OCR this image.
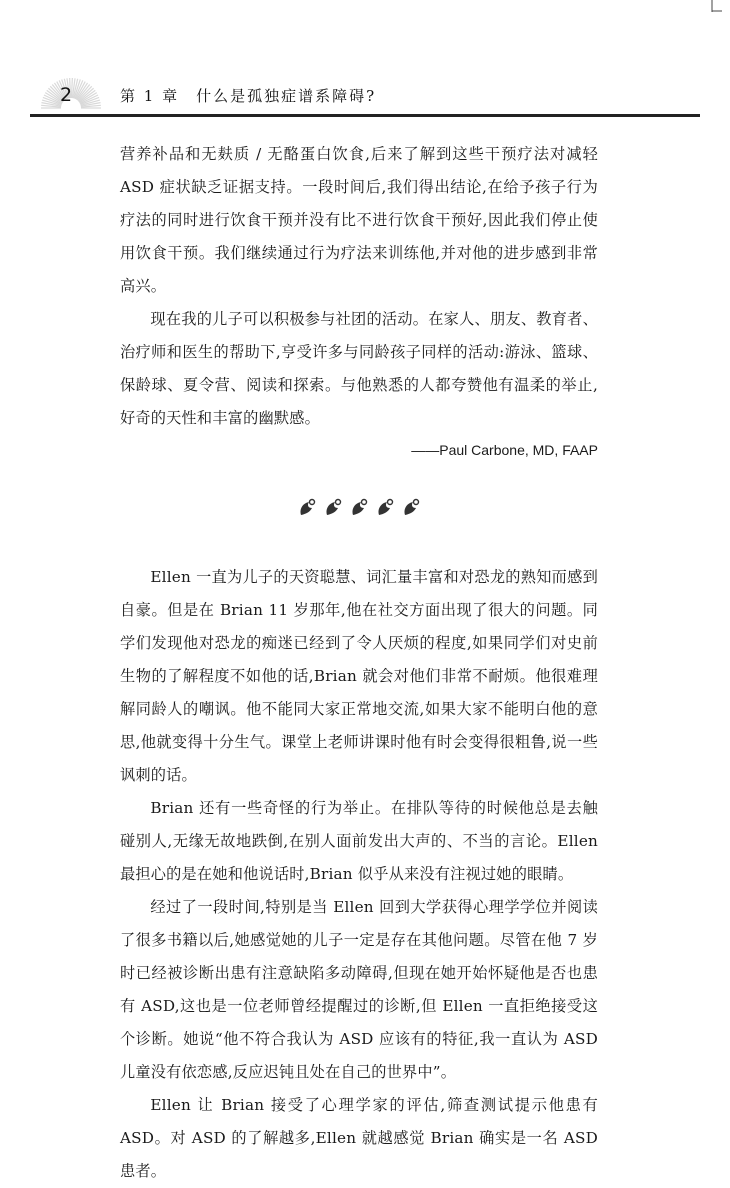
2	第 1 章　什么是孤独症谱系障碍?

营养补品和无麸质 / 无酪蛋白饮食,后来了解到这些干预疗法对减轻 ASD 症状缺乏证据支持。一段时间后,我们得出结论,在给予孩子行为疗法的同时进行饮食干预并没有比不进行饮食干预好,因此我们停止使用饮食干预。我们继续通过行为疗法来训练他,并对他的进步感到非常高兴。

现在我的儿子可以积极参与社团的活动。在家人、朋友、教育者、治疗师和医生的帮助下,亨受许多与同龄孩子同样的活动:游泳、篮球、保龄球、夏令营、阅读和探索。与他熟悉的人都夸赞他有温柔的举止,好奇的天性和丰富的幽默感。

——Paul Carbone, MD, FAAP

Ellen 一直为儿子的天资聪慧、词汇量丰富和对恐龙的熟知而感到自豪。但是在 Brian 11 岁那年,他在社交方面出现了很大的问题。同学们发现他对恐龙的痴迷已经到了令人厌烦的程度,如果同学们对史前生物的了解程度不如他的话,Brian 就会对他们非常不耐烦。他很难理解同龄人的嘲讽。他不能同大家正常地交流,如果大家不能明白他的意思,他就变得十分生气。课堂上老师讲课时他有时会变得很粗鲁,说一些讽刺的话。

Brian 还有一些奇怪的行为举止。在排队等待的时候他总是去触碰别人,无缘无故地跌倒,在别人面前发出大声的、不当的言论。Ellen 最担心的是在她和他说话时,Brian 似乎从来没有注视过她的眼睛。

经过了一段时间,特别是当 Ellen 回到大学获得心理学学位并阅读了很多书籍以后,她感觉她的儿子一定是存在其他问题。尽管在他 7 岁时已经被诊断出患有注意缺陷多动障碍,但现在她开始怀疑他是否也患有 ASD,这也是一位老师曾经提醒过的诊断,但 Ellen 一直拒绝接受这个诊断。她说“他不符合我认为 ASD 应该有的特征,我一直认为 ASD 儿童没有依恋感,反应迟钝且处在自己的世界中”。

Ellen 让 Brian 接受了心理学家的评估,筛查测试提示他患有 ASD。对 ASD 的了解越多,Ellen 就越感觉 Brian 确实是一名 ASD 患者。
